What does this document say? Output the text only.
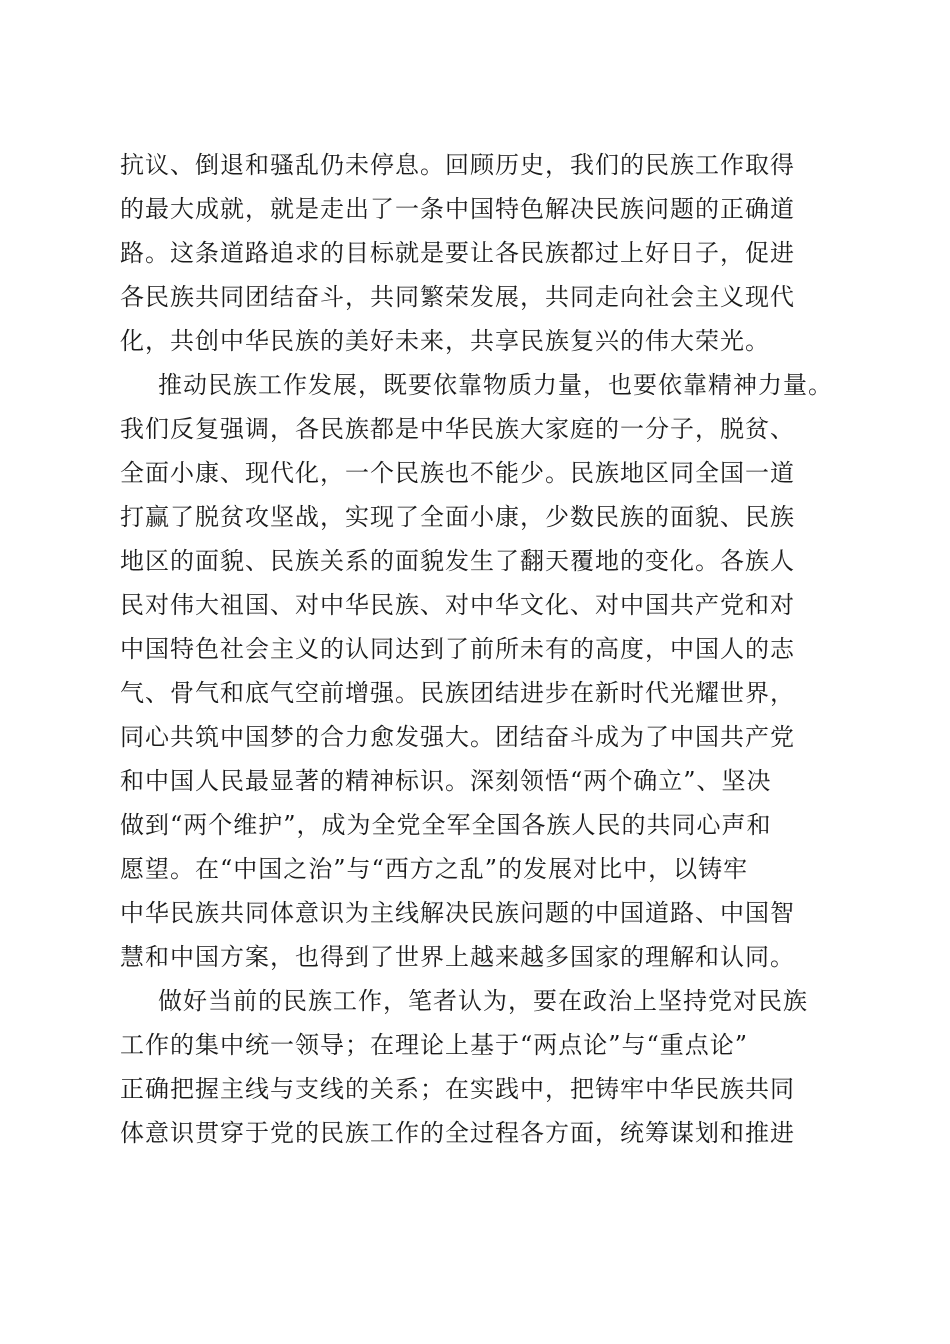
抗议、倒退和骚乱仍未停息。回顾历史，我们的民族工作取得
的最大成就，就是走出了一条中国特色解决民族问题的正确道
路。这条道路追求的目标就是要让各民族都过上好日子，促进
各民族共同团结奋斗，共同繁荣发展，共同走向社会主义现代
化，共创中华民族的美好未来，共享民族复兴的伟大荣光。
推动民族工作发展，既要依靠物质力量，也要依靠精神力量。
我们反复强调，各民族都是中华民族大家庭的一分子，脱贫、
全面小康、现代化，一个民族也不能少。民族地区同全国一道
打赢了脱贫攻坚战，实现了全面小康，少数民族的面貌、民族
地区的面貌、民族关系的面貌发生了翻天覆地的变化。各族人
民对伟大祖国、对中华民族、对中华文化、对中国共产党和对
中国特色社会主义的认同达到了前所未有的高度，中国人的志
气、骨气和底气空前增强。民族团结进步在新时代光耀世界，
同心共筑中国梦的合力愈发强大。团结奋斗成为了中国共产党
和中国人民最显著的精神标识。深刻领悟“两个确立”、坚决
做到“两个维护”，成为全党全军全国各族人民的共同心声和
愿望。在“中国之治”与“西方之乱”的发展对比中，以铸牢
中华民族共同体意识为主线解决民族问题的中国道路、中国智
慧和中国方案，也得到了世界上越来越多国家的理解和认同。
做好当前的民族工作，笔者认为，要在政治上坚持党对民族
工作的集中统一领导；在理论上基于“两点论”与“重点论”
正确把握主线与支线的关系；在实践中，把铸牢中华民族共同
体意识贯穿于党的民族工作的全过程各方面，统筹谋划和推进
